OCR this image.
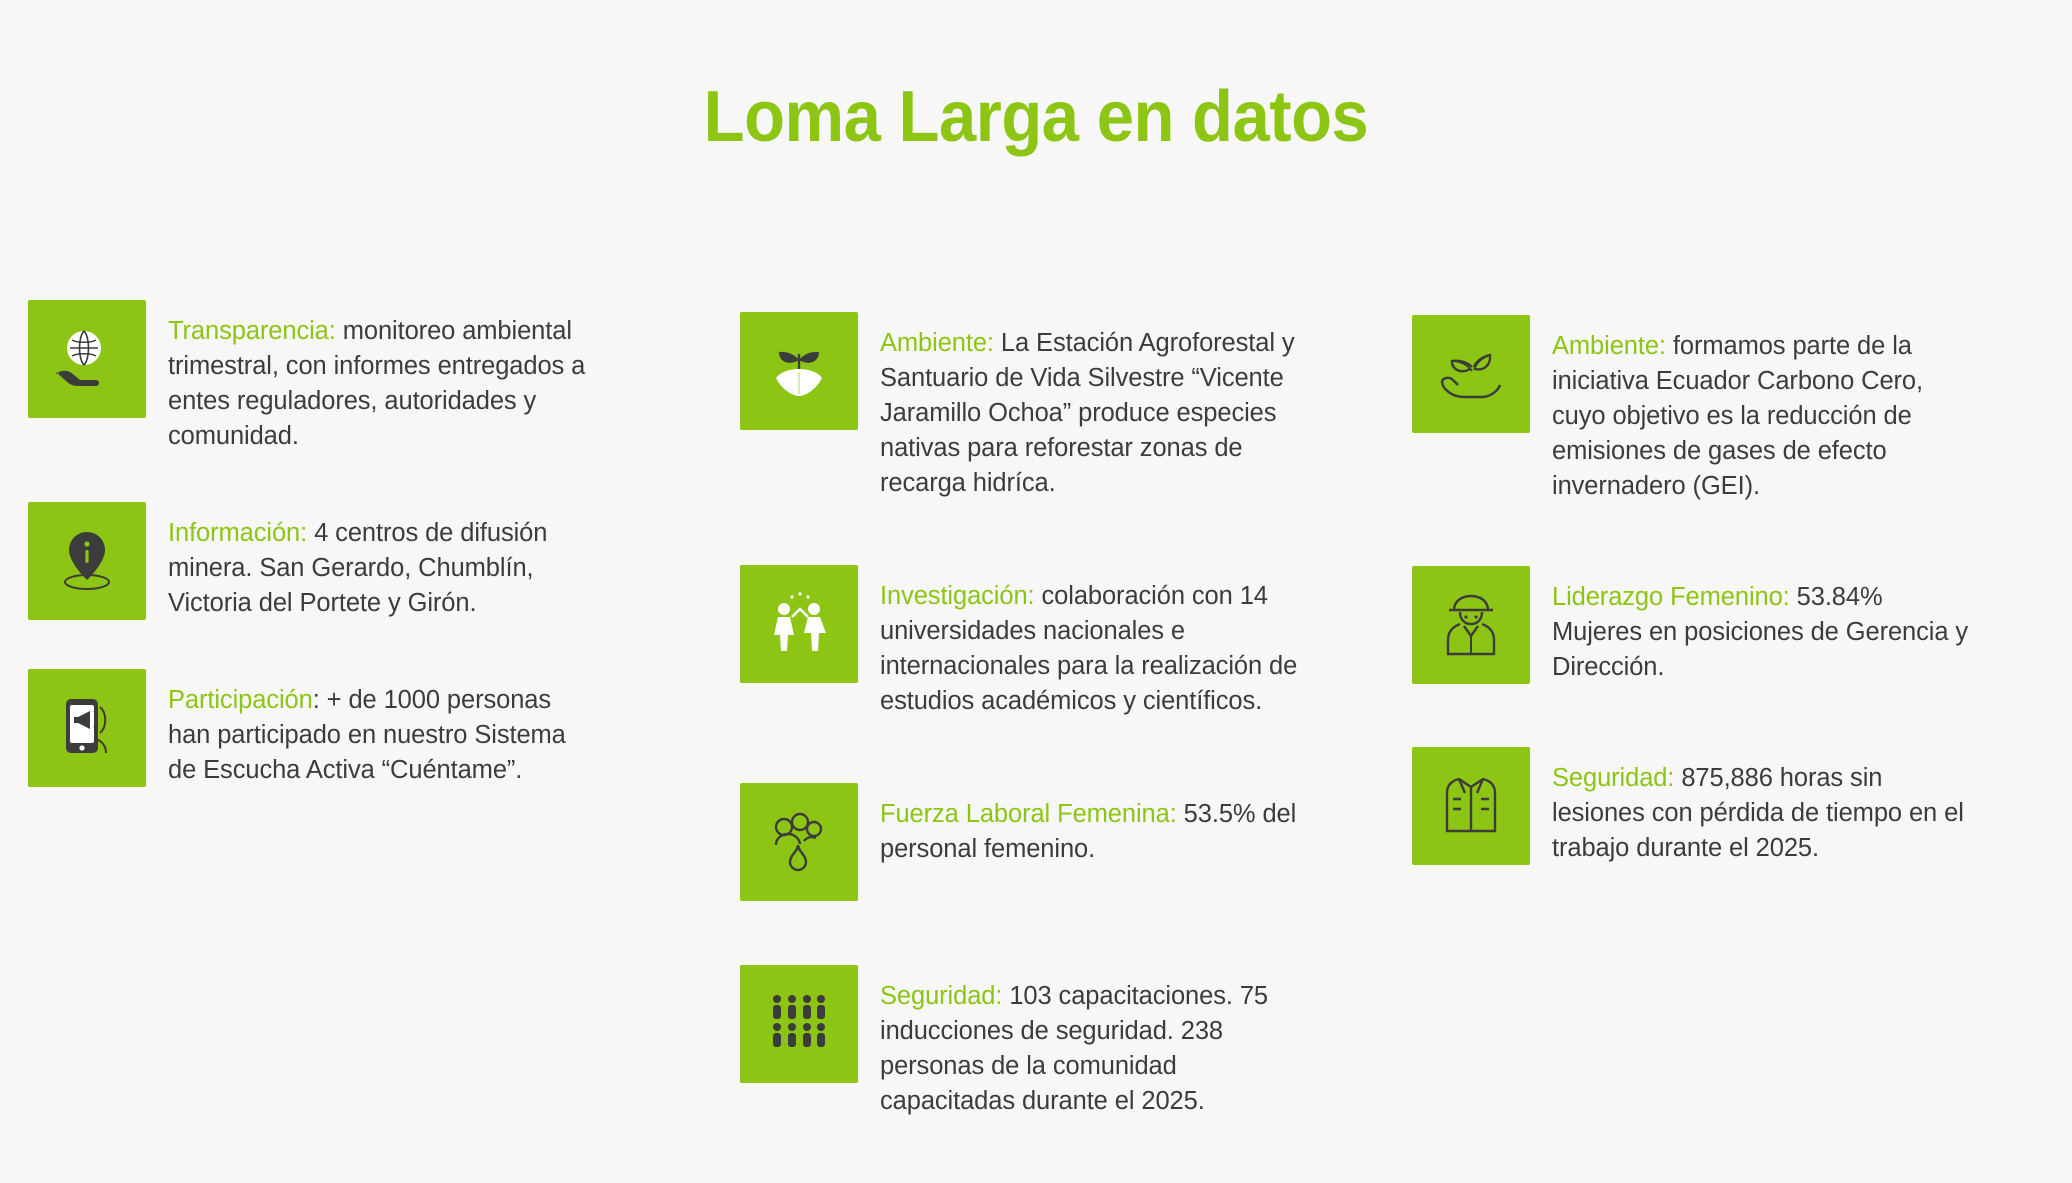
Loma Larga en datos
Transparencia: monitoreo ambiental trimestral, con informes entregados a entes reguladores, autoridades y comunidad.
Información: 4 centros de difusión minera. San Gerardo, Chumblín, Victoria del Portete y Girón.
Participación: + de 1000 personas han participado en nuestro Sistema de Escucha Activa “Cuéntame”.
Ambiente: La Estación Agroforestal y Santuario de Vida Silvestre “Vicente Jaramillo Ochoa” produce especies nativas para reforestar zonas de recarga hidríca.
Investigación: colaboración con 14 universidades nacionales e internacionales para la realización de estudios académicos y científicos.
Fuerza Laboral Femenina: 53.5% del personal femenino.
Seguridad: 103 capacitaciones. 75 inducciones de seguridad. 238 personas de la comunidad capacitadas durante el 2025.
Ambiente: formamos parte de la iniciativa Ecuador Carbono Cero, cuyo objetivo es la reducción de emisiones de gases de efecto invernadero (GEI).
Liderazgo Femenino: 53.84% Mujeres en posiciones de Gerencia y Dirección.
Seguridad: 875,886 horas sin lesiones con pérdida de tiempo en el trabajo durante el 2025.
